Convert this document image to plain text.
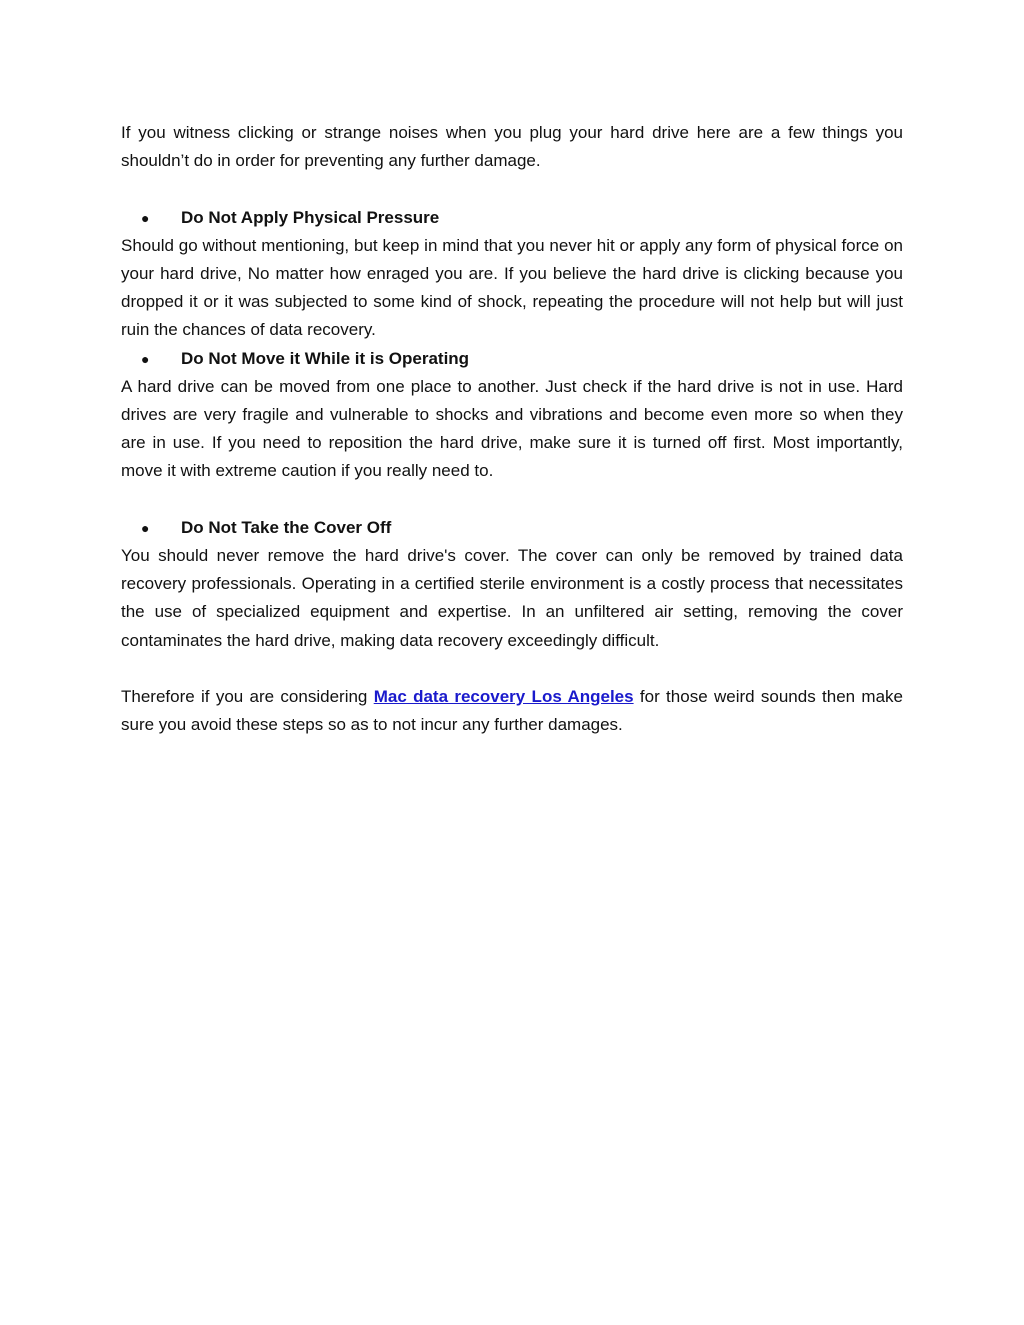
If you witness clicking or strange noises when you plug your hard drive here are a few things you shouldn’t do in order for preventing any further damage.

●	Do Not Apply Physical Pressure

Should go without mentioning, but keep in mind that you never hit or apply any form of physical force on your hard drive, No matter how enraged you are. If you believe the hard drive is clicking because you dropped it or it was subjected to some kind of shock, repeating the procedure will not help but will just ruin the chances of data recovery.

●	Do Not Move it While it is Operating

A hard drive can be moved from one place to another. Just check if the hard drive is not in use. Hard drives are very fragile and vulnerable to shocks and vibrations and become even more so when they are in use. If you need to reposition the hard drive, make sure it is turned off first. Most importantly, move it with extreme caution if you really need to.

●	Do Not Take the Cover Off

You should never remove the hard drive's cover. The cover can only be removed by trained data recovery professionals. Operating in a certified sterile environment is a costly process that necessitates the use of specialized equipment and expertise. In an unfiltered air setting, removing the cover contaminates the hard drive, making data recovery exceedingly difficult.

Therefore if you are considering Mac data recovery Los Angeles for those weird sounds then make sure you avoid these steps so as to not incur any further damages.
